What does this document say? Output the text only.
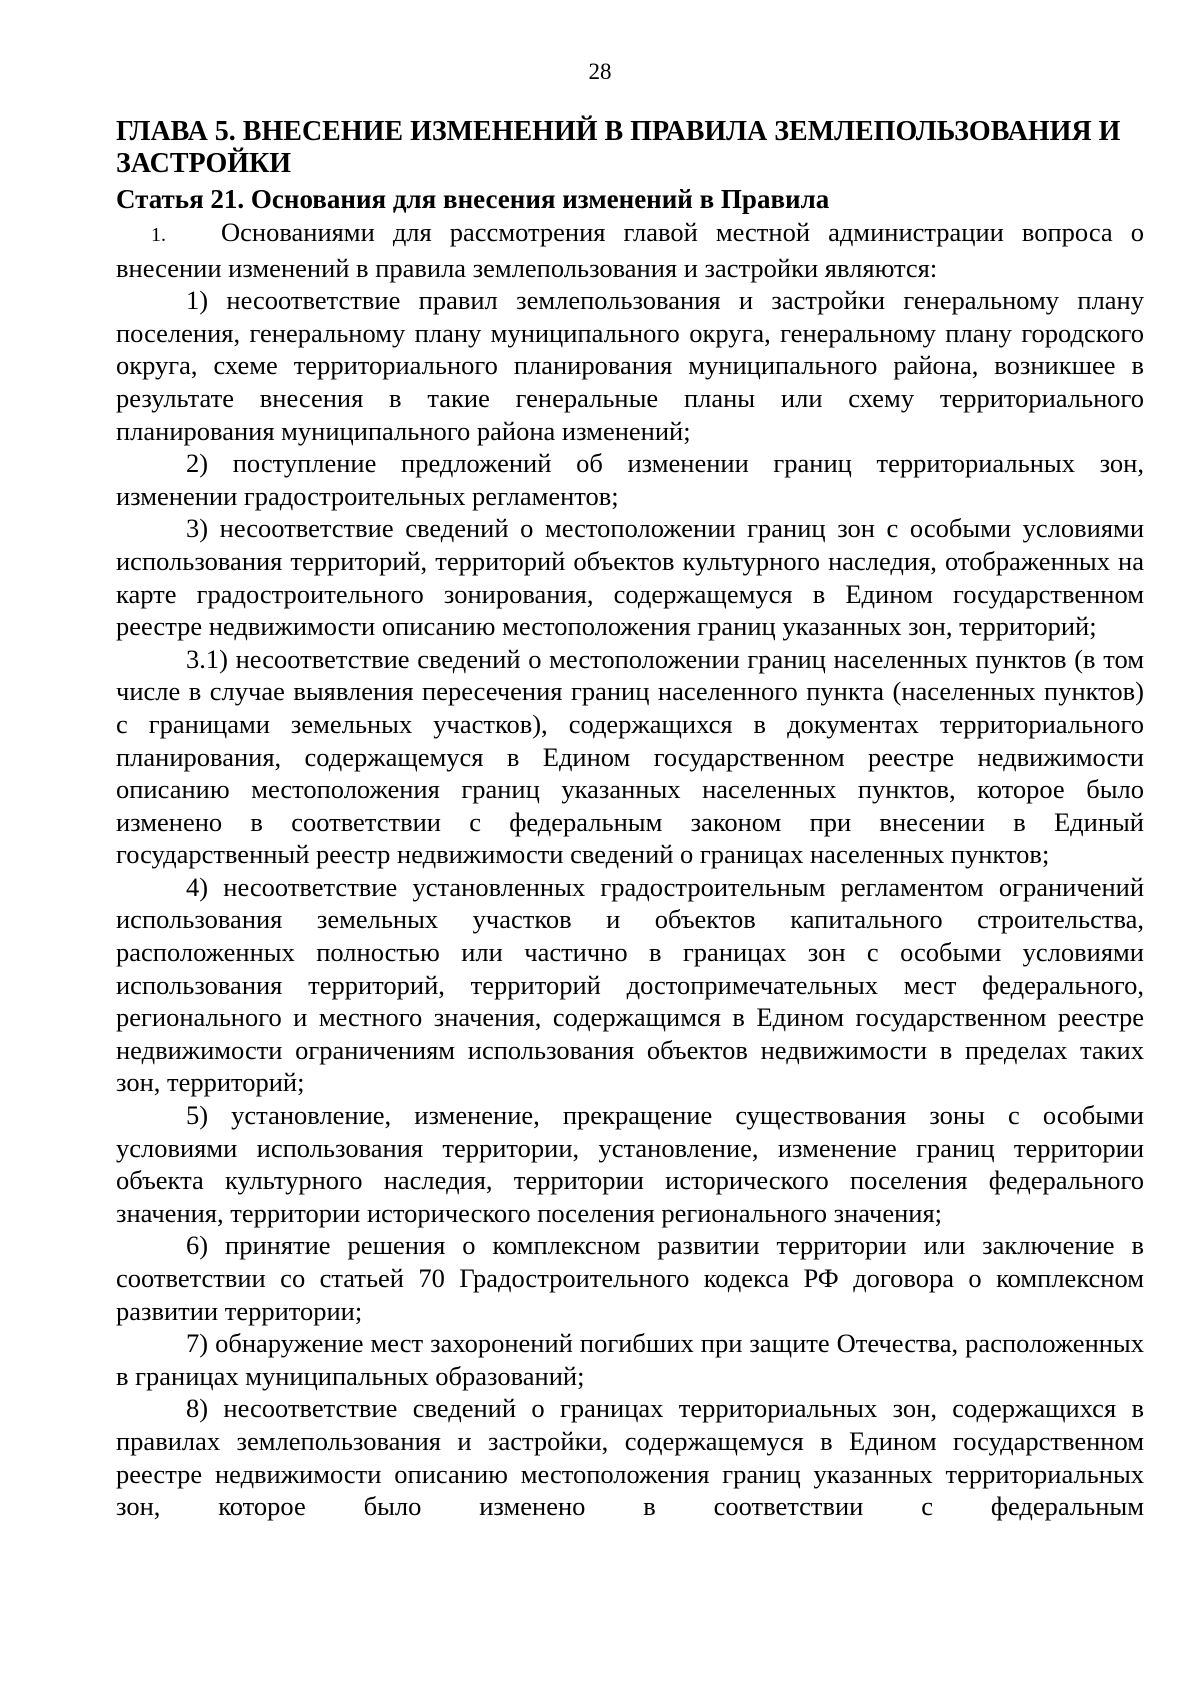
28
ГЛАВА 5. ВНЕСЕНИЕ ИЗМЕНЕНИЙ В ПРАВИЛА ЗЕМЛЕПОЛЬЗОВАНИЯ И ЗАСТРОЙКИ
Статья 21. Основания для внесения изменений в Правила

1. Основаниями для рассмотрения главой местной администрации вопроса о внесении изменений в правила землепользования и застройки являются:

1) несоответствие правил землепользования и застройки генеральному плану поселения, генеральному плану муниципального округа, генеральному плану городского округа, схеме территориального планирования муниципального района, возникшее в результате внесения в такие генеральные планы или схему территориального планирования муниципального района изменений;

2) поступление предложений об изменении границ территориальных зон, изменении градостроительных регламентов;

3) несоответствие сведений о местоположении границ зон с особыми условиями использования территорий, территорий объектов культурного наследия, отображенных на карте градостроительного зонирования, содержащемуся в Едином государственном реестре недвижимости описанию местоположения границ указанных зон, территорий;

3.1) несоответствие сведений о местоположении границ населенных пунктов (в том числе в случае выявления пересечения границ населенного пункта (населенных пунктов) с границами земельных участков), содержащихся в документах территориального планирования, содержащемуся в Едином государственном реестре недвижимости описанию местоположения границ указанных населенных пунктов, которое было изменено в соответствии с федеральным законом при внесении в Единый государственный реестр недвижимости сведений о границах населенных пунктов;

4) несоответствие установленных градостроительным регламентом ограничений использования земельных участков и объектов капитального строительства, расположенных полностью или частично в границах зон с особыми условиями использования территорий, территорий достопримечательных мест федерального, регионального и местного значения, содержащимся в Едином государственном реестре недвижимости ограничениям использования объектов недвижимости в пределах таких зон, территорий;

5) установление, изменение, прекращение существования зоны с особыми условиями использования территории, установление, изменение границ территории объекта культурного наследия, территории исторического поселения федерального значения, территории исторического поселения регионального значения;

6) принятие решения о комплексном развитии территории или заключение в соответствии со статьей 70 Градостроительного кодекса РФ договора о комплексном развитии территории;

7) обнаружение мест захоронений погибших при защите Отечества, расположенных в границах муниципальных образований;

8) несоответствие сведений о границах территориальных зон, содержащихся в правилах землепользования и застройки, содержащемуся в Едином государственном реестре недвижимости описанию местоположения границ указанных территориальных зон, которое было изменено в соответствии с федеральным
